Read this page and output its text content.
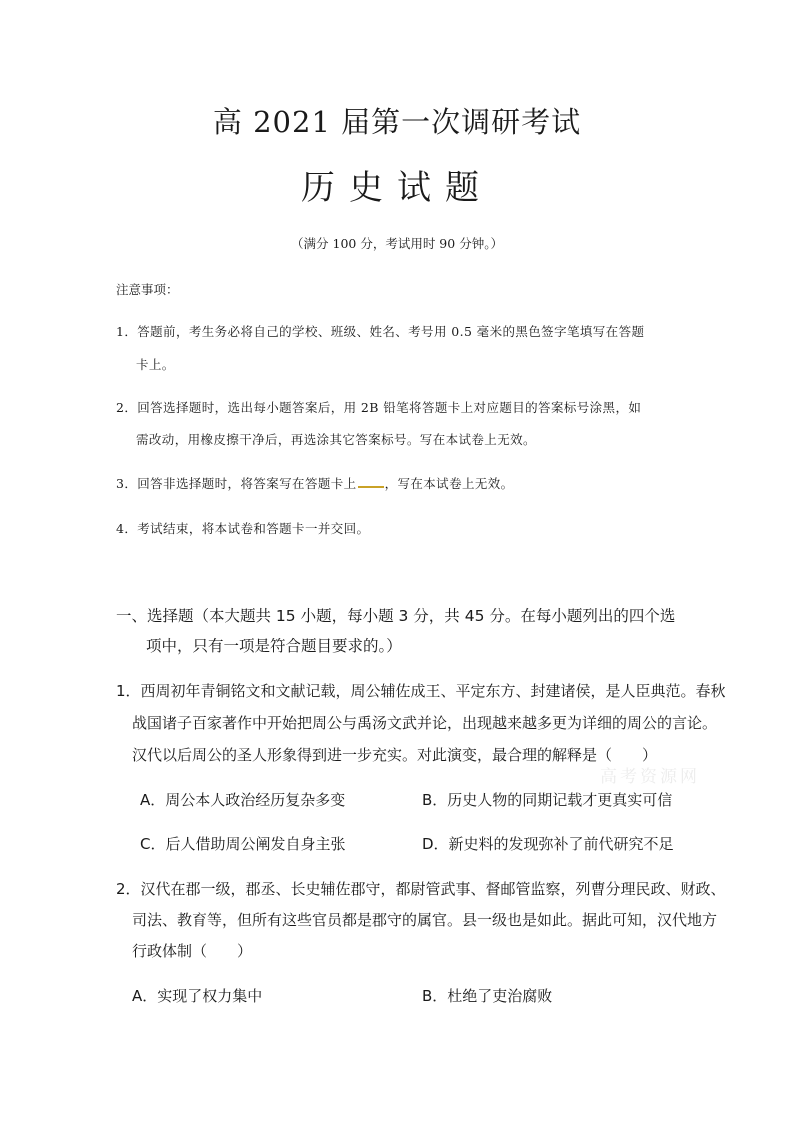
高 2021 届第一次调研考试
历史试题
（满分 100 分，考试用时 90 分钟。）
注意事项：
1．答题前，考生务必将自己的学校、班级、姓名、考号用 0.5 毫米的黑色签字笔填写在答题
卡上。
2．回答选择题时，选出每小题答案后，用 2B 铅笔将答题卡上对应题目的答案标号涂黑，如
需改动，用橡皮擦干净后，再选涂其它答案标号。写在本试卷上无效。
3．回答非选择题时，将答案写在答题卡上 ，写在本试卷上无效。
4．考试结束，将本试卷和答题卡一并交回。
一、选择题（本大题共 15 小题，每小题 3 分，共 45 分。在每小题列出的四个选
项中，只有一项是符合题目要求的。）
1．西周初年青铜铭文和文献记载，周公辅佐成王、平定东方、封建诸侯，是人臣典范。春秋
战国诸子百家著作中开始把周公与禹汤文武并论，出现越来越多更为详细的周公的言论。
汉代以后周公的圣人形象得到进一步充实。对此演变，最合理的解释是（　　）
高考资源网
A．周公本人政治经历复杂多变	B．历史人物的同期记载才更真实可信
C．后人借助周公阐发自身主张	D．新史料的发现弥补了前代研究不足
2．汉代在郡一级，郡丞、长史辅佐郡守，都尉管武事、督邮管监察，列曹分理民政、财政、
司法、教育等，但所有这些官员都是郡守的属官。县一级也是如此。据此可知，汉代地方
行政体制（　　）
A．实现了权力集中	B．杜绝了吏治腐败
